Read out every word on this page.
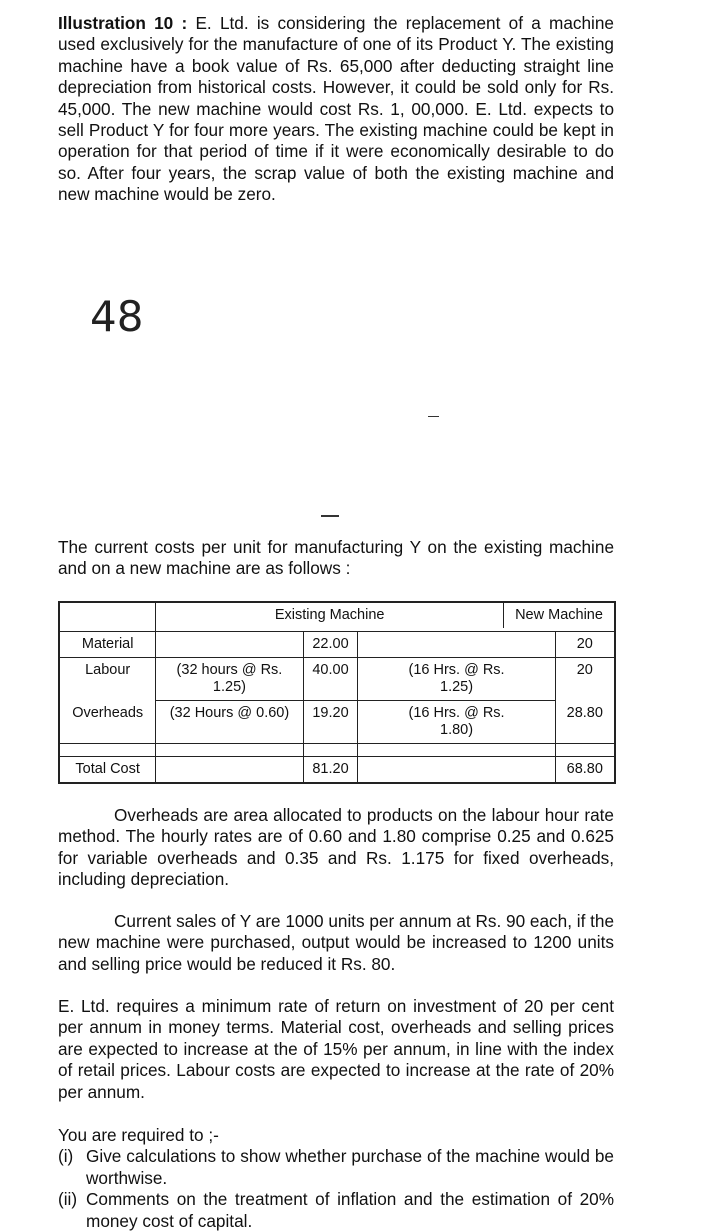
Illustration 10 : E. Ltd. is considering the replacement of a machine used exclusively for the manufacture of one of its Product Y. The existing machine have a book value of Rs. 65,000 after deducting straight line depreciation from historical costs. However, it could be sold only for Rs. 45,000. The new machine would cost Rs. 1, 00,000. E. Ltd. expects to sell Product Y for four more years. The existing machine could be kept in operation for that period of time if it were economically desirable to do so. After four years, the scrap value of both the existing machine and new machine would be zero.

48

The current costs per unit for manufacturing Y on the existing machine and on a new machine are as follows :

	Existing Machine New Machine			

Material		22.00		20
Labour	(32 hours @ Rs. 1.25)	40.00	(16 Hrs. @ Rs. 1.25)	20
Overheads	(32 Hours @ 0.60)	19.20	(16 Hrs. @ Rs. 1.80)	28.80

Total Cost		81.20		68.80

Overheads are area allocated to products on the labour hour rate method. The hourly rates are of 0.60 and 1.80 comprise 0.25 and 0.625 for variable overheads and 0.35 and Rs. 1.175 for fixed overheads, including depreciation.

Current sales of Y are 1000 units per annum at Rs. 90 each, if the new machine were purchased, output would be increased to 1200 units and selling price would be reduced it Rs. 80.

E. Ltd. requires a minimum rate of return on investment of 20 per cent per annum in money terms. Material cost, overheads and selling prices are expected to increase at the of 15% per annum, in line with the index of retail prices. Labour costs are expected to increase at the rate of 20% per annum.

You are required to ;-
(i) Give calculations to show whether purchase of the machine would be worthwise.
(ii) Comments on the treatment of inflation and the estimation of 20% money cost of capital.
